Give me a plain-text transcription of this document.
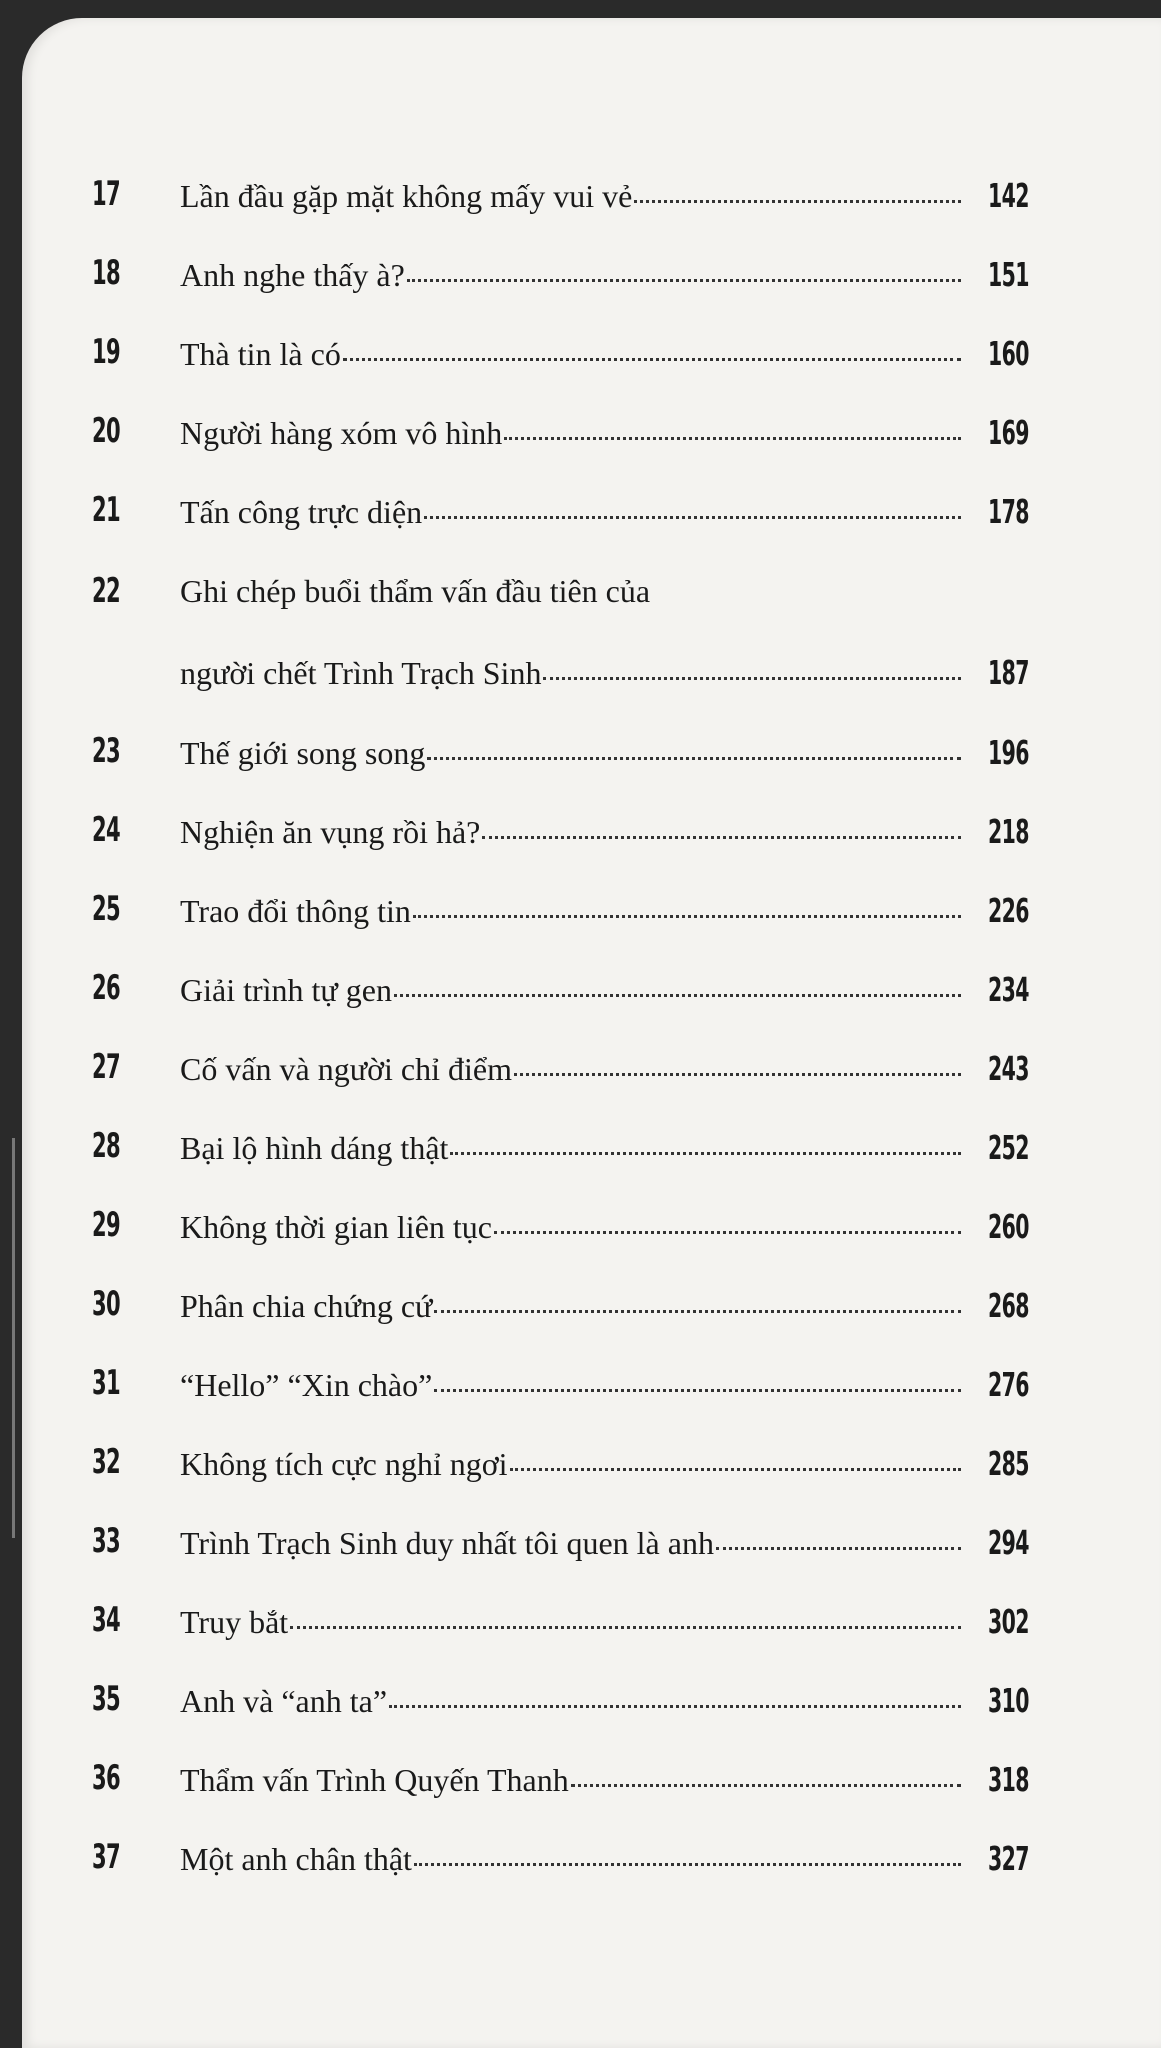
17	Lần đầu gặp mặt không mấy vui vẻ	142
18	Anh nghe thấy à?	151
19	Thà tin là có	160
20	Người hàng xóm vô hình	169
21	Tấn công trực diện	178
22	Ghi chép buổi thẩm vấn đầu tiên của
người chết Trình Trạch Sinh	187
23	Thế giới song song	196
24	Nghiện ăn vụng rồi hả?	218
25	Trao đổi thông tin	226
26	Giải trình tự gen	234
27	Cố vấn và người chỉ điểm	243
28	Bại lộ hình dáng thật	252
29	Không thời gian liên tục	260
30	Phân chia chứng cứ	268
31	“Hello” “Xin chào”	276
32	Không tích cực nghỉ ngơi	285
33	Trình Trạch Sinh duy nhất tôi quen là anh	294
34	Truy bắt	302
35	Anh và “anh ta”	310
36	Thẩm vấn Trình Quyến Thanh	318
37	Một anh chân thật	327
